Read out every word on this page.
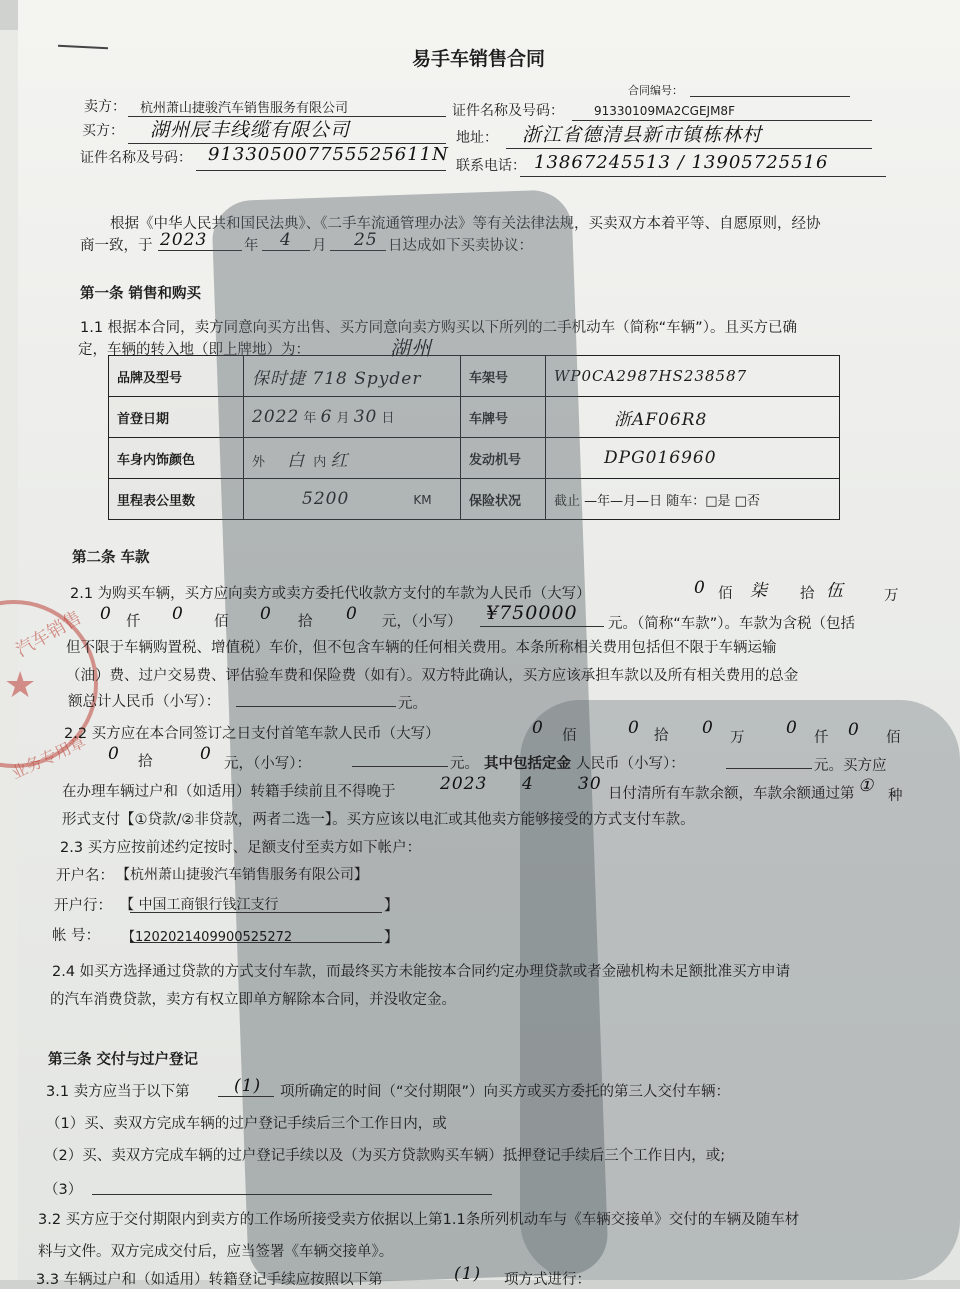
★
汽车销售
业务专用章
易手车销售合同
合同编号：
卖方： 杭州萧山捷骏汽车销售服务有限公司	证件名称及号码：	91330109MA2CGEJM8F
买方： 湖州辰丰线缆有限公司	地址： 浙江省德清县新市镇栋林村
证件名称及号码： 913305007755525611N
联系电话： 13867245513 / 13905725516
根据《中华人民共和国民法典》、《二手车流通管理办法》等有关法律法规，买卖双方本着平等、自愿原则，经协
商一致，于 2023	年 4 月 25 日达成如下买卖协议：
第一条 销售和购买
1.1 根据本合同，卖方同意向买方出售、买方同意向卖方购买以下所列的二手机动车（简称“车辆”）。且买方已确
定，车辆的转入地（即上牌地）为：	湖州
品牌及型号	保时捷 718 Spyder	车架号	WP0CA2987HS238587
首登日期	2022 年 6 月 30 日	车牌号	浙AF06R8
车身内饰颜色	外 白 内 红	发动机号	DPG016960
里程表公里数	5200 KM	保险状况	截止 —年—月—日 随车：□是 □否
第二条 车款
2.1 为购买车辆，买方应向卖方或卖方委托代收款方支付的车款为人民币（大写）	0 佰 柒 拾 伍	万
0 仟 0 佰 0 拾 0 元，（小写） ¥750000 元。（简称“车款”）。车款为含税（包括
但不限于车辆购置税、增值税）车价，但不包含车辆的任何相关费用。本条所称相关费用包括但不限于车辆运输
（油）费、过户交易费、评估验车费和保险费（如有）。双方特此确认，买方应该承担车款以及所有相关费用的总金
额总计人民币（小写）：	元。
2.2 买方应在本合同签订之日支付首笔车款人民币（大写）	0 佰	0 拾 0 万 0 仟 0 佰
0 拾	0 元，（小写）：	元。 其中包括定金 人民币（小写）：	元。买方应
在办理车辆过户和（如适用）转籍手续前且不得晚于	2023 4	30 日付清所有车款余额，车款余额通过第 ① 种
形式支付【①贷款/②非贷款，两者二选一】。买方应该以电汇或其他卖方能够接受的方式支付车款。
2.3 买方应按前述约定按时、足额支付至卖方如下帐户：
开户名： 【杭州萧山捷骏汽车销售服务有限公司】
开户行： 【 中国工商银行钱江支行	】
帐 号： 【1202021409900525272	】
2.4 如买方选择通过贷款的方式支付车款，而最终买方未能按本合同约定办理贷款或者金融机构未足额批准买方申请
的汽车消费贷款，卖方有权立即单方解除本合同，并没收定金。
第三条 交付与过户登记
3.1 卖方应当于以下第	(1) 项所确定的时间（“交付期限”）向买方或买方委托的第三人交付车辆：
（1）买、卖双方完成车辆的过户登记手续后三个工作日内，或
（2）买、卖双方完成车辆的过户登记手续以及（为买方贷款购买车辆）抵押登记手续后三个工作日内，或;
（3）
3.2 买方应于交付期限内到卖方的工作场所接受卖方依据以上第1.1条所列机动车与《车辆交接单》交付的车辆及随车材
料与文件。双方完成交付后，应当签署《车辆交接单》。
3.3 车辆过户和（如适用）转籍登记手续应按照以下第	(1) 项方式进行：
